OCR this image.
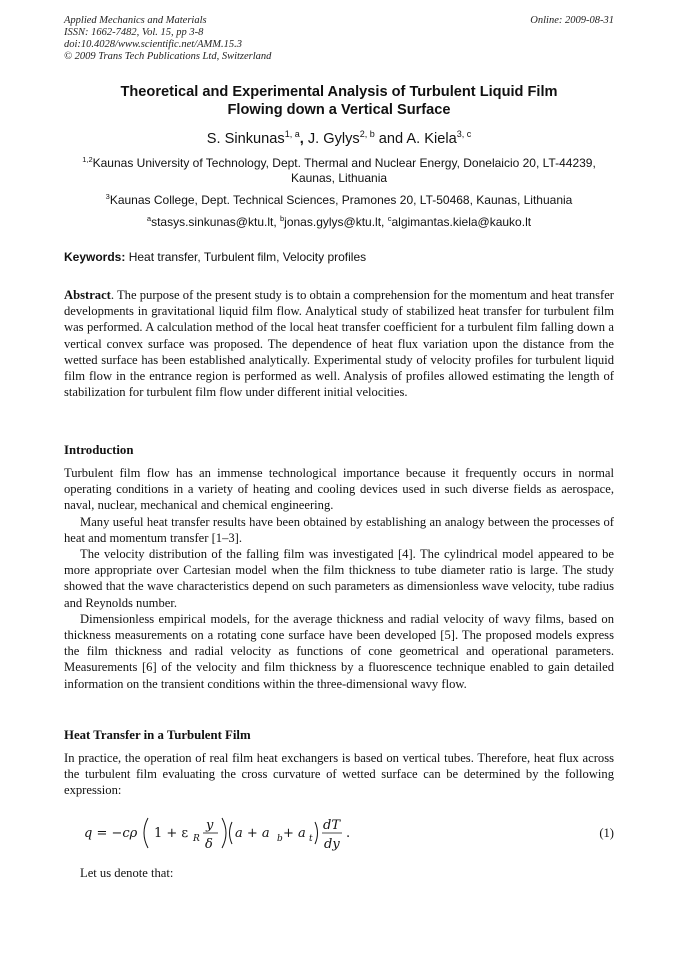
Applied Mechanics and Materials
ISSN: 1662-7482, Vol. 15, pp 3-8
doi:10.4028/www.scientific.net/AMM.15.3
© 2009 Trans Tech Publications Ltd, Switzerland
Online: 2009-08-31
Theoretical and Experimental Analysis of Turbulent Liquid Film
Flowing down a Vertical Surface
S. Sinkunas$^{1, a}$, J. Gylys$^{2, b}$ and A. Kiela$^{3, c}$
$^{1,2}$Kaunas University of Technology, Dept. Thermal and Nuclear Energy, Donelaicio 20, LT-44239,
Kaunas, Lithuania
$^3$Kaunas College, Dept. Technical Sciences, Pramones 20, LT-50468, Kaunas, Lithuania
$^a$stasys.sinkunas@ktu.lt, $^b$jonas.gylys@ktu.lt, $^c$algimantas.kiela@kauko.lt
Keywords: Heat transfer, Turbulent film, Velocity profiles
Abstract. The purpose of the present study is to obtain a comprehension for the momentum and heat transfer developments in gravitational liquid film flow. Analytical study of stabilized heat transfer for turbulent film was performed. A calculation method of the local heat transfer coefficient for a turbulent film falling down a vertical convex surface was proposed. The dependence of heat flux variation upon the distance from the wetted surface has been established analytically. Experimental study of velocity profiles for turbulent liquid film flow in the entrance region is performed as well. Analysis of profiles allowed estimating the length of stabilization for turbulent film flow under different initial velocities.
Introduction

Turbulent film flow has an immense technological importance because it frequently occurs in normal operating conditions in a variety of heating and cooling devices used in such diverse fields as aerospace, naval, nuclear, mechanical and chemical engineering.

Many useful heat transfer results have been obtained by establishing an analogy between the processes of heat and momentum transfer [1–3].

The velocity distribution of the falling film was investigated [4]. The cylindrical model appeared to be more appropriate over Cartesian model when the film thickness to tube diameter ratio is large. The study showed that the wave characteristics depend on such parameters as dimensionless wave velocity, tube radius and Reynolds number.

Dimensionless empirical models, for the average thickness and radial velocity of wavy films, based on thickness measurements on a rotating cone surface have been developed [5]. The proposed models express the film thickness and radial velocity as functions of cone geometrical and operational parameters. Measurements [6] of the velocity and film thickness by a fluorescence technique enabled to gain detailed information on the transient conditions within the three-dimensional wavy flow.

Heat Transfer in a Turbulent Film
In practice, the operation of real film heat exchangers is based on vertical tubes. Therefore, heat flux across the turbulent film evaluating the cross curvature of wetted surface can be determined by the following expression:
q = −cρ 1 + ε R
y
δ
a + a b + a t
dT
dy
.	(1)
Let us denote that:
